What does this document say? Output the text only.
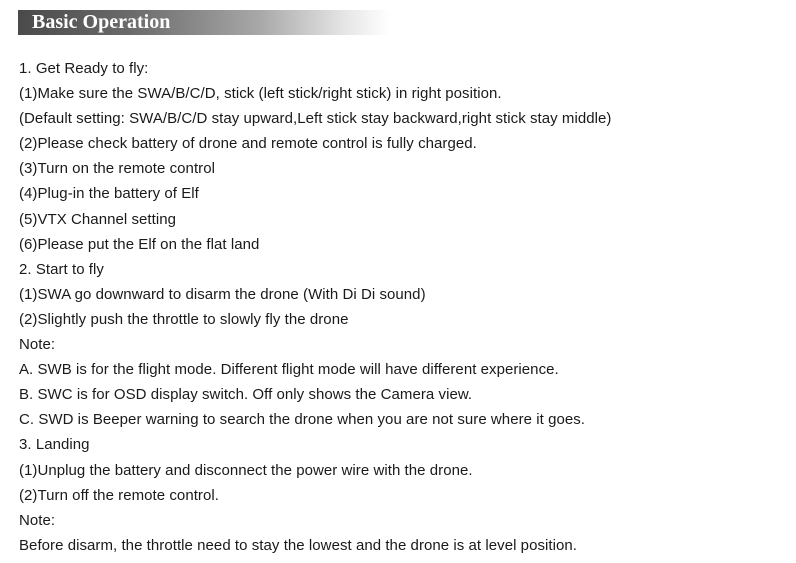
Basic Operation
1. Get Ready to fly:
(1)Make sure the SWA/B/C/D, stick (left stick/right stick) in right position.
(Default setting: SWA/B/C/D stay upward,Left stick stay backward,right stick stay middle)
(2)Please check battery of drone and remote control is fully charged.
(3)Turn on the remote control
(4)Plug-in the battery of Elf
(5)VTX Channel setting
(6)Please put the Elf on the flat land
2. Start to fly
(1)SWA go downward to disarm the drone (With Di Di sound)
(2)Slightly push the throttle to slowly fly the drone
Note:
A. SWB is for the flight mode. Different flight mode will have different experience.
B. SWC is for OSD display switch. Off only shows the Camera view.
C. SWD is Beeper warning to search the drone when you are not sure where it goes.
3. Landing
(1)Unplug the battery and disconnect the power wire with the drone.
(2)Turn off the remote control.
Note:
Before disarm, the throttle need to stay the lowest and the drone is at level position.
